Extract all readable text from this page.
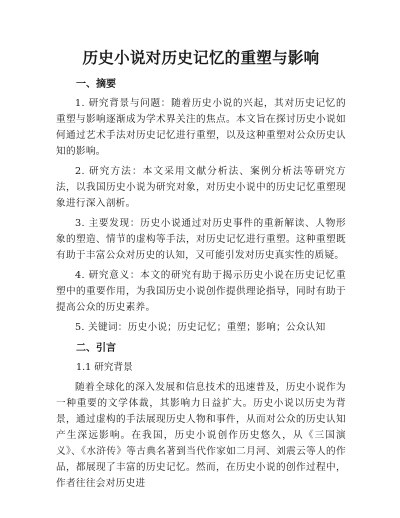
历史小说对历史记忆的重塑与影响
一、摘要

1. 研究背景与问题：随着历史小说的兴起，其对历史记忆的重塑与影响逐渐成为学术界关注的焦点。本文旨在探讨历史小说如何通过艺术手法对历史记忆进行重塑，以及这种重塑对公众历史认知的影响。

2. 研究方法：本文采用文献分析法、案例分析法等研究方法，以我国历史小说为研究对象，对历史小说中的历史记忆重塑现象进行深入剖析。

3. 主要发现：历史小说通过对历史事件的重新解读、人物形象的塑造、情节的虚构等手法，对历史记忆进行重塑。这种重塑既有助于丰富公众对历史的认知，又可能引发对历史真实性的质疑。

4. 研究意义：本文的研究有助于揭示历史小说在历史记忆重塑中的重要作用，为我国历史小说创作提供理论指导，同时有助于提高公众的历史素养。

5. 关键词：历史小说；历史记忆；重塑；影响；公众认知

二、引言

1.1 研究背景

随着全球化的深入发展和信息技术的迅速普及，历史小说作为一种重要的文学体裁，其影响力日益扩大。历史小说以历史为背景，通过虚构的手法展现历史人物和事件，从而对公众的历史认知产生深远影响。在我国，历史小说创作历史悠久，从《三国演义》、《水浒传》等古典名著到当代作家如二月河、刘震云等人的作品，都展现了丰富的历史记忆。然而，在历史小说的创作过程中，作者往往会对历史进
